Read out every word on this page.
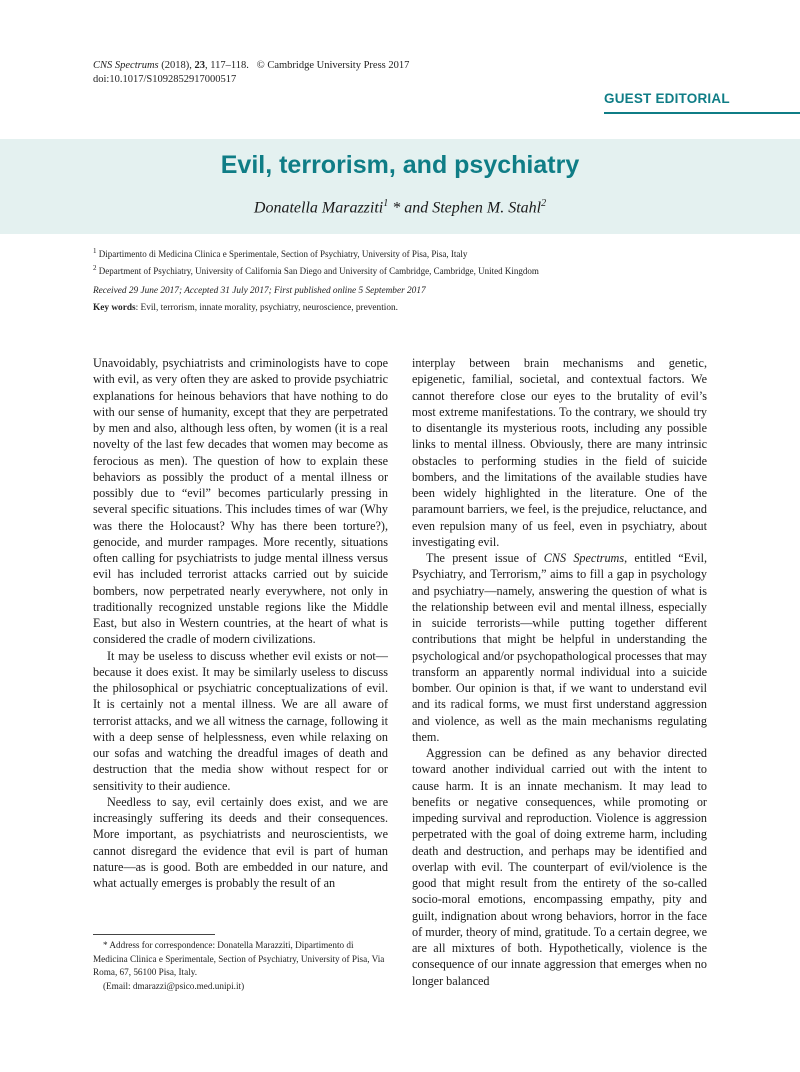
CNS Spectrums (2018), 23, 117–118. © Cambridge University Press 2017
doi:10.1017/S1092852917000517
GUEST EDITORIAL
Evil, terrorism, and psychiatry
Donatella Marazziti$^1$ * and Stephen M. Stahl$^2$
$^1$ Dipartimento di Medicina Clinica e Sperimentale, Section of Psychiatry, University of Pisa, Pisa, Italy
$^2$ Department of Psychiatry, University of California San Diego and University of Cambridge, Cambridge, United Kingdom
Received 29 June 2017; Accepted 31 July 2017; First published online 5 September 2017
Key words: Evil, terrorism, innate morality, psychiatry, neuroscience, prevention.

Unavoidably, psychiatrists and criminologists have to cope with evil, as very often they are asked to provide psychiatric explanations for heinous behaviors that have nothing to do with our sense of humanity, except that they are perpetrated by men and also, although less often, by women (it is a real novelty of the last few decades that women may become as ferocious as men). The question of how to explain these behaviors as possibly the product of a mental illness or possibly due to “evil” becomes particularly pressing in several specific situations. This includes times of war (Why was there the Holocaust? Why has there been torture?), genocide, and murder rampages. More recently, situations often calling for psychiatrists to judge mental illness versus evil has included terrorist attacks carried out by suicide bombers, now perpetrated nearly everywhere, not only in traditionally recognized unstable regions like the Middle East, but also in Western countries, at the heart of what is considered the cradle of modern civilizations.

It may be useless to discuss whether evil exists or not—because it does exist. It may be similarly useless to discuss the philosophical or psychiatric conceptualizations of evil. It is certainly not a mental illness. We are all aware of terrorist attacks, and we all witness the carnage, following it with a deep sense of helplessness, even while relaxing on our sofas and watching the dreadful images of death and destruction that the media show without respect for or sensitivity to their audience.

Needless to say, evil certainly does exist, and we are increasingly suffering its deeds and their consequences. More important, as psychiatrists and neuroscientists, we cannot disregard the evidence that evil is part of human nature—as is good. Both are embedded in our nature, and what actually emerges is probably the result of an

interplay between brain mechanisms and genetic, epigenetic, familial, societal, and contextual factors. We cannot therefore close our eyes to the brutality of evil’s most extreme manifestations. To the contrary, we should try to disentangle its mysterious roots, including any possible links to mental illness. Obviously, there are many intrinsic obstacles to performing studies in the field of suicide bombers, and the limitations of the available studies have been widely highlighted in the literature. One of the paramount barriers, we feel, is the prejudice, reluctance, and even repulsion many of us feel, even in psychiatry, about investigating evil.

The present issue of CNS Spectrums, entitled “Evil, Psychiatry, and Terrorism,” aims to fill a gap in psychology and psychiatry—namely, answering the question of what is the relationship between evil and mental illness, especially in suicide terrorists—while putting together different contributions that might be helpful in understanding the psychological and/or psychopathological processes that may transform an apparently normal individual into a suicide bomber. Our opinion is that, if we want to understand evil and its radical forms, we must first understand aggression and violence, as well as the main mechanisms regulating them.

Aggression can be defined as any behavior directed toward another individual carried out with the intent to cause harm. It is an innate mechanism. It may lead to benefits or negative consequences, while promoting or impeding survival and reproduction. Violence is aggression perpetrated with the goal of doing extreme harm, including death and destruction, and perhaps may be identified and overlap with evil. The counterpart of evil/violence is the good that might result from the entirety of the so-called socio-moral emotions, encompassing empathy, pity and guilt, indignation about wrong behaviors, horror in the face of murder, theory of mind, gratitude. To a certain degree, we are all mixtures of both. Hypothetically, violence is the consequence of our innate aggression that emerges when no longer balanced

* Address for correspondence: Donatella Marazziti, Dipartimento di Medicina Clinica e Sperimentale, Section of Psychiatry, University of Pisa, Via Roma, 67, 56100 Pisa, Italy.

(Email: dmarazzi@psico.med.unipi.it)
